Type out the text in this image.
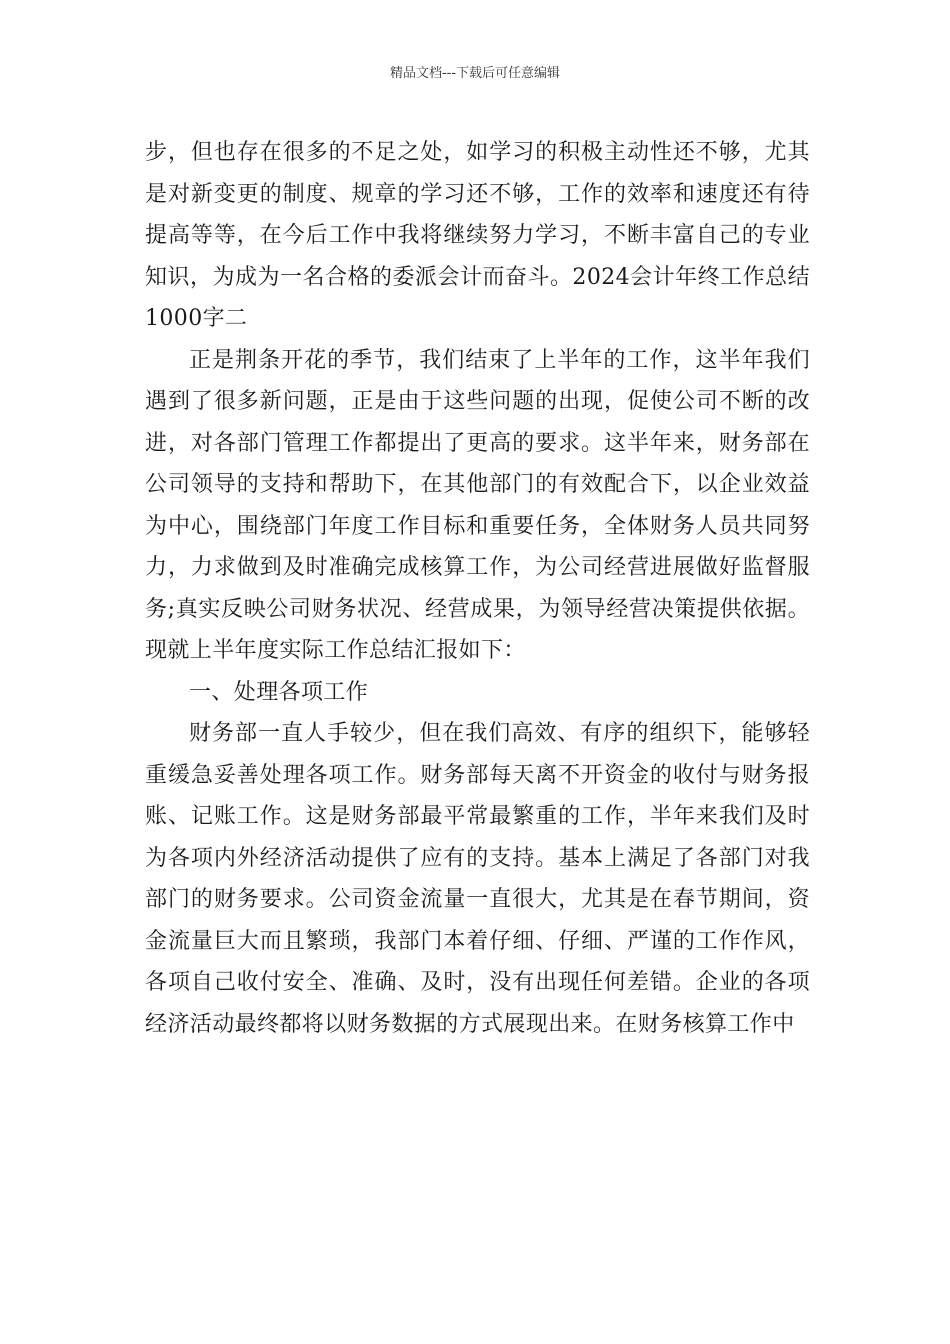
精品文档---下载后可任意编辑

步，但也存在很多的不足之处，如学习的积极主动性还不够，尤其是对新变更的制度、规章的学习还不够，工作的效率和速度还有待提高等等，在今后工作中我将继续努力学习，不断丰富自己的专业知识，为成为一名合格的委派会计而奋斗。2024会计年终工作总结1000字二

正是荆条开花的季节，我们结束了上半年的工作，这半年我们遇到了很多新问题，正是由于这些问题的出现，促使公司不断的改进，对各部门管理工作都提出了更高的要求。这半年来，财务部在公司领导的支持和帮助下，在其他部门的有效配合下，以企业效益为中心，围绕部门年度工作目标和重要任务，全体财务人员共同努力，力求做到及时准确完成核算工作，为公司经营进展做好监督服务;真实反映公司财务状况、经营成果，为领导经营决策提供依据。现就上半年度实际工作总结汇报如下：

一、处理各项工作

财务部一直人手较少，但在我们高效、有序的组织下，能够轻重缓急妥善处理各项工作。财务部每天离不开资金的收付与财务报账、记账工作。这是财务部最平常最繁重的工作，半年来我们及时为各项内外经济活动提供了应有的支持。基本上满足了各部门对我部门的财务要求。公司资金流量一直很大，尤其是在春节期间，资金流量巨大而且繁琐，我部门本着仔细、仔细、严谨的工作作风，各项自己收付安全、准确、及时，没有出现任何差错。企业的各项经济活动最终都将以财务数据的方式展现出来。在财务核算工作中
